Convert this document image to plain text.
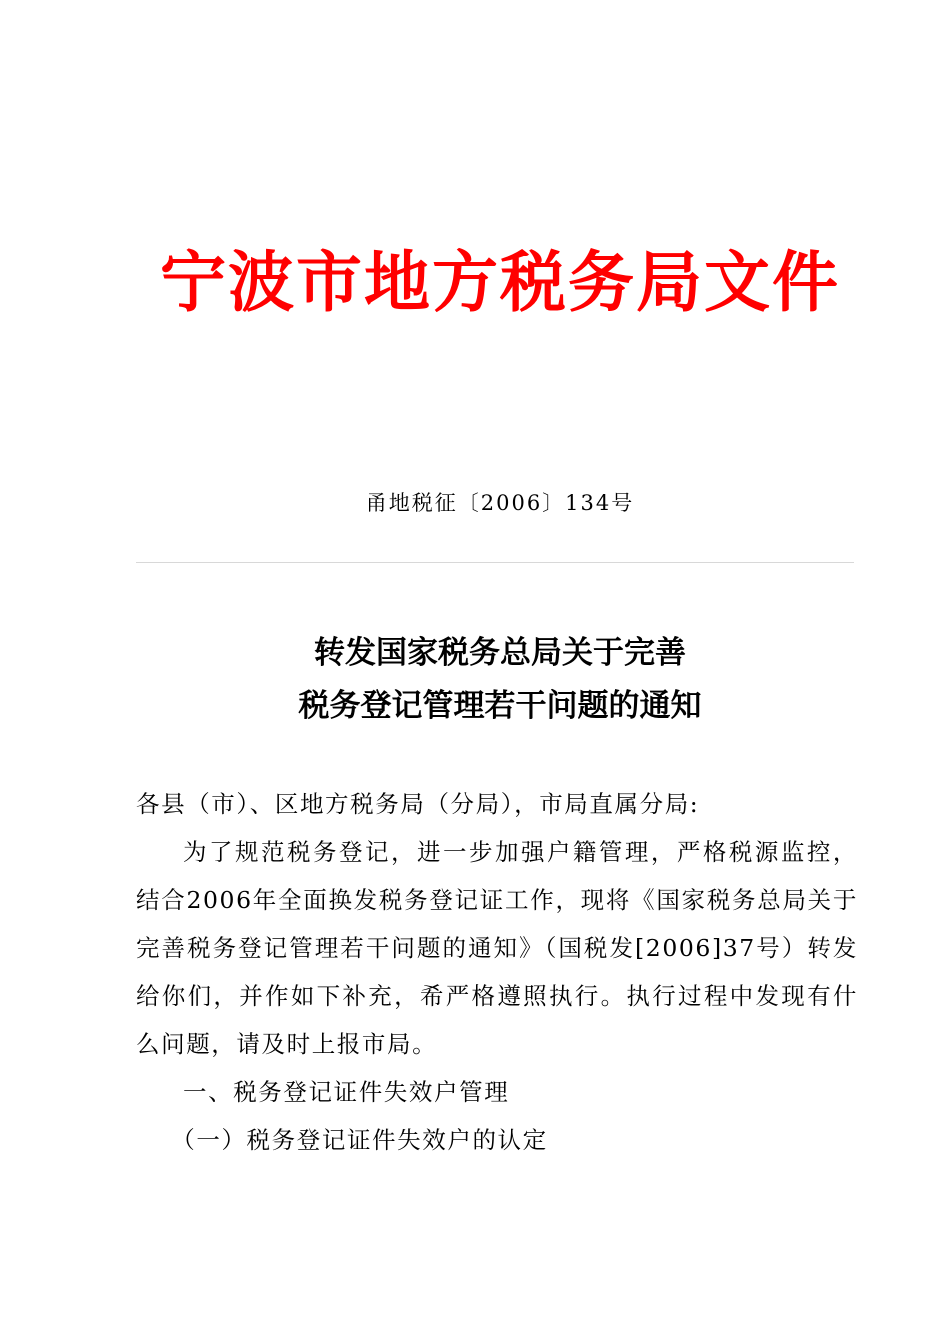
宁波市地方税务局文件
甬地税征〔2006〕134号
转发国家税务总局关于完善
税务登记管理若干问题的通知

各县（市）、区地方税务局（分局），市局直属分局:

为了规范税务登记，进一步加强户籍管理，严格税源监控，结合2006年全面换发税务登记证工作，现将《国家税务总局关于完善税务登记管理若干问题的通知》（国税发[2006]37号）转发给你们，并作如下补充，希严格遵照执行。执行过程中发现有什么问题，请及时上报市局。

一、税务登记证件失效户管理

（一）税务登记证件失效户的认定
